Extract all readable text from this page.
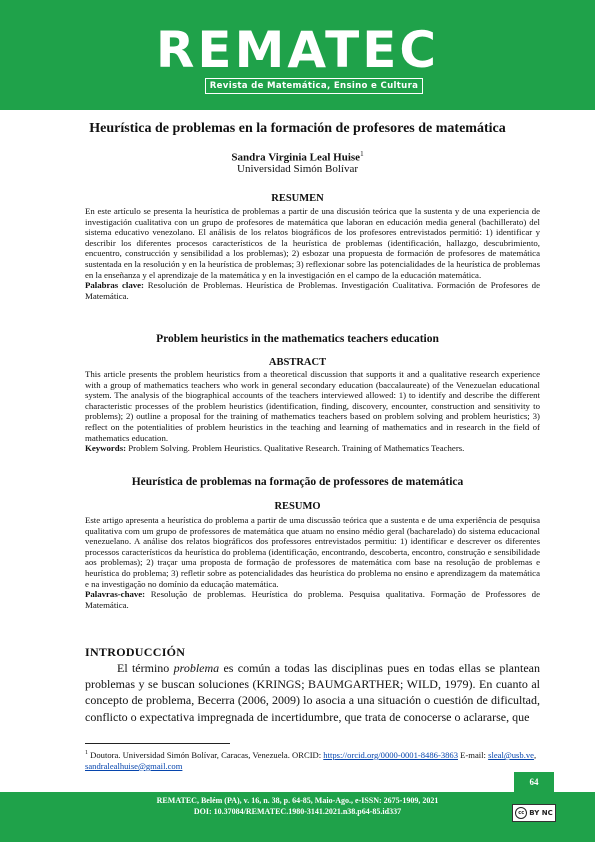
REMATEC
Revista de Matemática, Ensino e Cultura
Heurística de problemas en la formación de profesores de matemática
Sandra Virginia Leal Huise$^1$
Universidad Simón Bolívar
RESUMEN
En este artículo se presenta la heurística de problemas a partir de una discusión teórica que la sustenta y de una experiencia de investigación cualitativa con un grupo de profesores de matemática que laboran en educación media general (bachillerato) del sistema educativo venezolano. El análisis de los relatos biográficos de los profesores entrevistados permitió: 1) identificar y describir los diferentes procesos característicos de la heurística de problemas (identificación, hallazgo, descubrimiento, encuentro, construcción y sensibilidad a los problemas); 2) esbozar una propuesta de formación de profesores de matemática sustentada en la resolución y en la heurística de problemas; 3) reflexionar sobre las potencialidades de la heurística de problemas en la enseñanza y el aprendizaje de la matemática y en la investigación en el campo de la educación matemática.
Palabras clave: Resolución de Problemas. Heurística de Problemas. Investigación Cualitativa. Formación de Profesores de Matemática.
Problem heuristics in the mathematics teachers education
ABSTRACT
This article presents the problem heuristics from a theoretical discussion that supports it and a qualitative research experience with a group of mathematics teachers who work in general secondary education (baccalaureate) of the Venezuelan educational system. The analysis of the biographical accounts of the teachers interviewed allowed: 1) to identify and describe the different characteristic processes of the problem heuristics (identification, finding, discovery, encounter, construction and sensitivity to problems); 2) outline a proposal for the training of mathematics teachers based on problem solving and problem heuristics; 3) reflect on the potentialities of problem heuristics in the teaching and learning of mathematics and in research in the field of mathematics education.
Keywords: Problem Solving. Problem Heuristics. Qualitative Research. Training of Mathematics Teachers.
Heurística de problemas na formação de professores de matemática
RESUMO
Este artigo apresenta a heurística do problema a partir de uma discussão teórica que a sustenta e de uma experiência de pesquisa qualitativa com um grupo de professores de matemática que atuam no ensino médio geral (bacharelado) do sistema educacional venezuelano. A análise dos relatos biográficos dos professores entrevistados permitiu: 1) identificar e descrever os diferentes processos característicos da heurística do problema (identificação, encontrando, descoberta, encontro, construção e sensibilidade aos problemas); 2) traçar uma proposta de formação de professores de matemática com base na resolução de problemas e heurística do problema; 3) refletir sobre as potencialidades das heurística do problema no ensino e aprendizagem da matemática e na investigação no domínio da educação matemática.
Palavras-chave: Resolução de problemas. Heurística do problema. Pesquisa qualitativa. Formação de Professores de Matemática.
INTRODUCCIÓN
El término problema es común a todas las disciplinas pues en todas ellas se plantean problemas y se buscan soluciones (KRINGS; BAUMGARTHER; WILD, 1979). En cuanto al concepto de problema, Becerra (2006, 2009) lo asocia a una situación o cuestión de dificultad, conflicto o expectativa impregnada de incertidumbre, que trata de conocerse o aclararse, que
$^1$ Doutora. Universidad Simón Bolívar, Caracas, Venezuela. ORCID: https://orcid.org/0000-0001-8486-3863 E-mail: sleal@usb.ve, sandralealhuise@gmail.com
64
REMATEC, Belém (PA), v. 16, n. 38, p. 64-85, Maio-Ago., e-ISSN: 2675-1909, 2021
DOI: 10.37084/REMATEC.1980-3141.2021.n38.p64-85.id337	cc BY NC
